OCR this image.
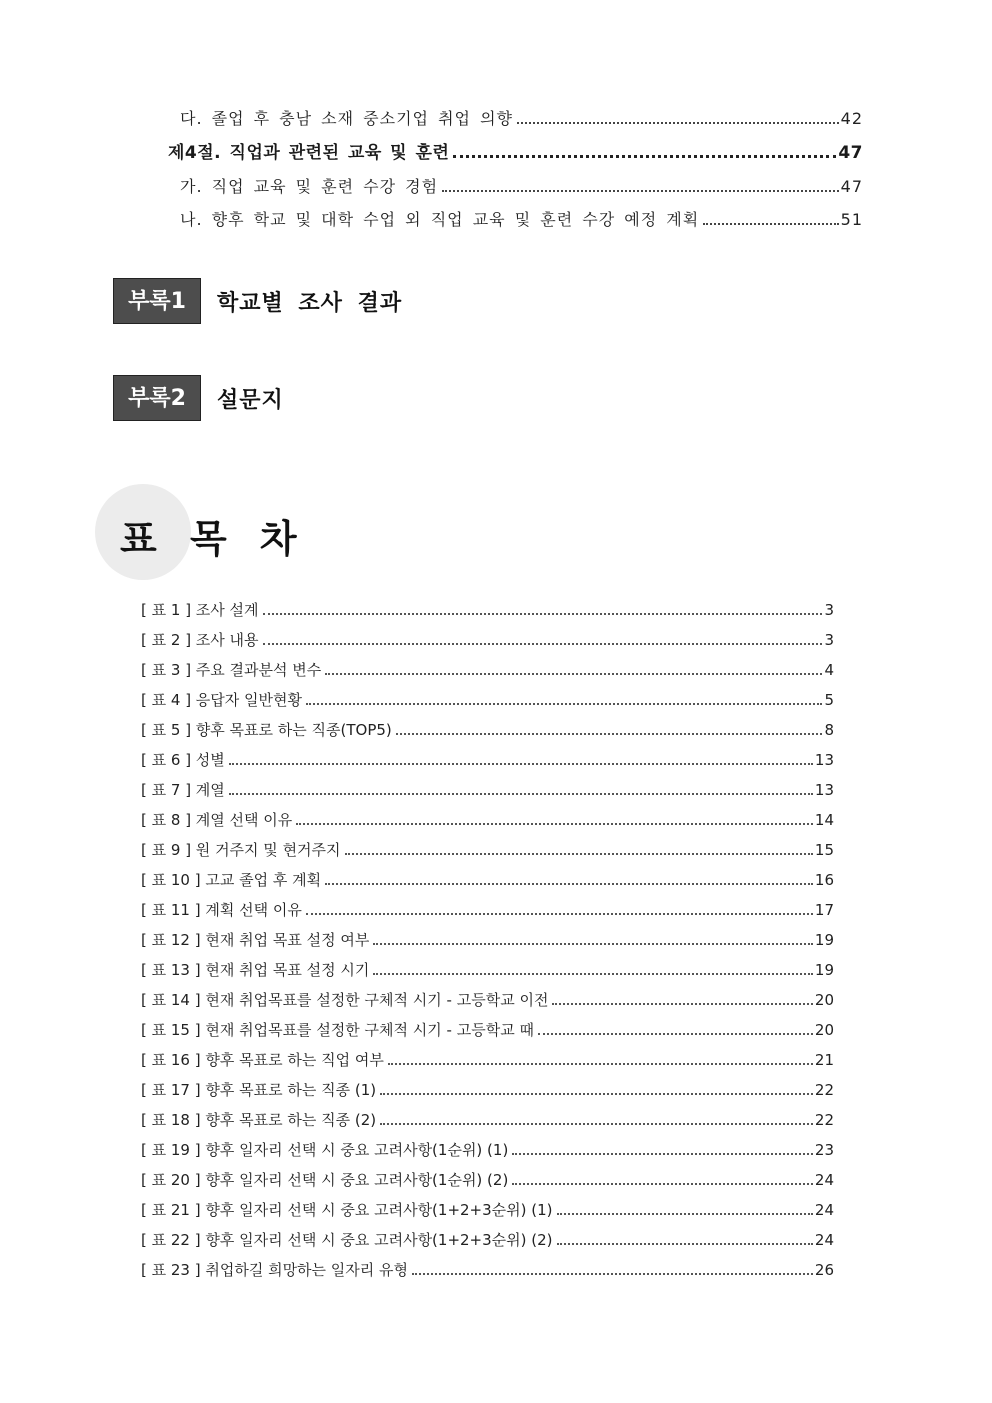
다. 졸업 후 충남 소재 중소기업 취업 의향	42
제4절. 직업과 관련된 교육 및 훈련	47
가. 직업 교육 및 훈련 수강 경험	47
나. 향후 학교 및 대학 수업 외 직업 교육 및 훈련 수강 예정 계획	51
부록1	학교별 조사 결과
부록2	설문지
표 목 차
[ 표 1 ] 조사 설계	3
[ 표 2 ] 조사 내용	3
[ 표 3 ] 주요 결과분석 변수	4
[ 표 4 ] 응답자 일반현황	5
[ 표 5 ] 향후 목표로 하는 직종(TOP5)	8
[ 표 6 ] 성별	13
[ 표 7 ] 계열	13
[ 표 8 ] 계열 선택 이유	14
[ 표 9 ] 원 거주지 및 현거주지	15
[ 표 10 ] 고교 졸업 후 계획	16
[ 표 11 ] 계획 선택 이유	17
[ 표 12 ] 현재 취업 목표 설정 여부	19
[ 표 13 ] 현재 취업 목표 설정 시기	19
[ 표 14 ] 현재 취업목표를 설정한 구체적 시기 - 고등학교 이전	20
[ 표 15 ] 현재 취업목표를 설정한 구체적 시기 - 고등학교 때	20
[ 표 16 ] 향후 목표로 하는 직업 여부	21
[ 표 17 ] 향후 목표로 하는 직종 (1)	22
[ 표 18 ] 향후 목표로 하는 직종 (2)	22
[ 표 19 ] 향후 일자리 선택 시 중요 고려사항(1순위) (1)	23
[ 표 20 ] 향후 일자리 선택 시 중요 고려사항(1순위) (2)	24
[ 표 21 ] 향후 일자리 선택 시 중요 고려사항(1+2+3순위) (1)	24
[ 표 22 ] 향후 일자리 선택 시 중요 고려사항(1+2+3순위) (2)	24
[ 표 23 ] 취업하길 희망하는 일자리 유형	26
